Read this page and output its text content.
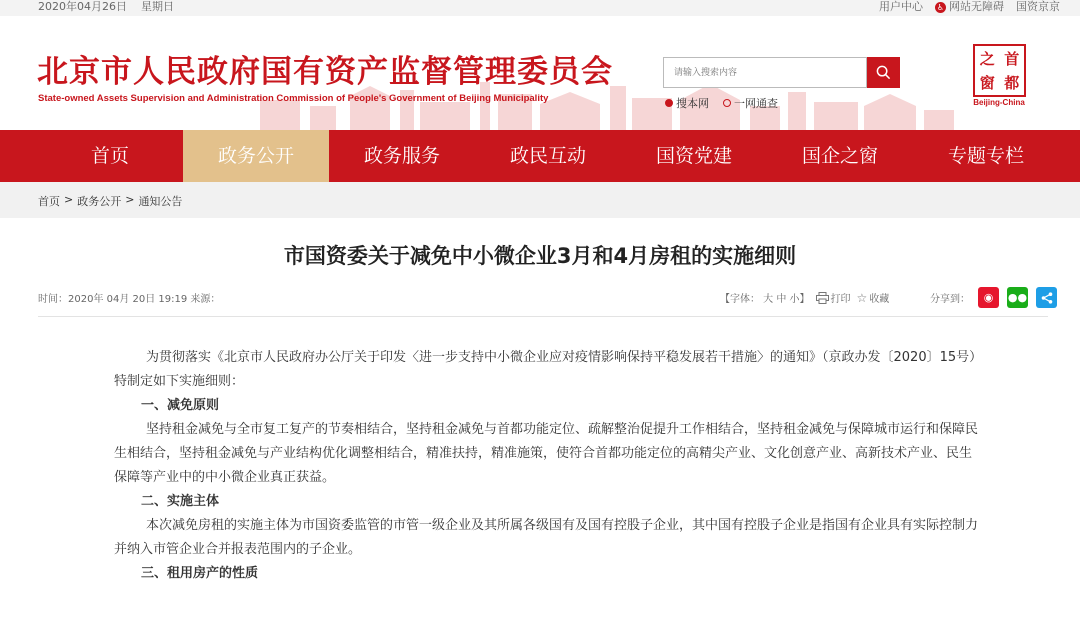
2020年04月26日 星期日	用户中心 ♿ 网站无障碍 国资京京
北京市人民政府国有资产监督管理委员会
State-owned Assets Supervision and Administration Commission of People's Government of Beijing Municipality
请输入搜索内容	搜本网 一网通查
之 首
窗 都
Beijing-China
首页	政务公开	政务服务	政民互动	国资党建	国企之窗	专题专栏
首页 > 政务公开 > 通知公告
市国资委关于减免中小微企业3月和4月房租的实施细则
时间：2020年 04月 20日 19:19 来源：	【字体： 大 中 小】 打印 ☆ 收藏	分享到： ◉ ●●

为贯彻落实《北京市人民政府办公厅关于印发〈进一步支持中小微企业应对疫情影响保持平稳发展若干措施〉的通知》（京政办发〔2020〕15号）特制定如下实施细则：

一、减免原则

坚持租金减免与全市复工复产的节奏相结合，坚持租金减免与首都功能定位、疏解整治促提升工作相结合，坚持租金减免与保障城市运行和保障民生相结合，坚持租金减免与产业结构优化调整相结合，精准扶持，精准施策，使符合首都功能定位的高精尖产业、文化创意产业、高新技术产业、民生保障等产业中的中小微企业真正获益。

二、实施主体

本次减免房租的实施主体为市国资委监管的市管一级企业及其所属各级国有及国有控股子企业，其中国有控股子企业是指国有企业具有实际控制力并纳入市管企业合并报表范围内的子企业。

三、租用房产的性质
